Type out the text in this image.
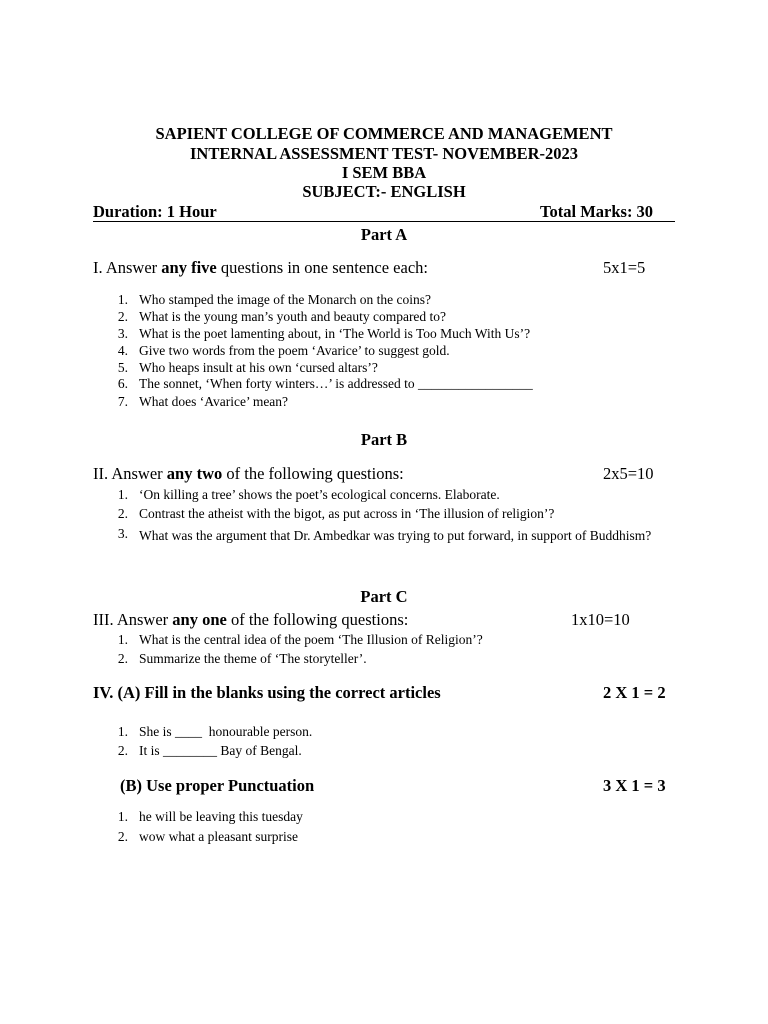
SAPIENT COLLEGE OF COMMERCE AND MANAGEMENT
INTERNAL ASSESSMENT TEST- NOVEMBER-2023
I SEM BBA
SUBJECT:- ENGLISH
Duration: 1 Hour	Total Marks: 30
Part A
I. Answer any five questions in one sentence each:	5x1=5
1. Who stamped the image of the Monarch on the coins?
2. What is the young man’s youth and beauty compared to?
3. What is the poet lamenting about, in ‘The World is Too Much With Us’?
4. Give two words from the poem ‘Avarice’ to suggest gold.
5. Who heaps insult at his own ‘cursed altars’?
6. The sonnet, ‘When forty winters…’ is addressed to _________________
7. What does ‘Avarice’ mean?
Part B
II. Answer any two of the following questions:	2x5=10
1. ‘On killing a tree’ shows the poet’s ecological concerns. Elaborate.
2. Contrast the atheist with the bigot, as put across in ‘The illusion of religion’?
3. What was the argument that Dr. Ambedkar was trying to put forward, in support of Buddhism?
Part C
III. Answer any one of the following questions:	1x10=10
1. What is the central idea of the poem ‘The Illusion of Religion’?
2. Summarize the theme of ‘The storyteller’.
IV. (A) Fill in the blanks using the correct articles	2 X 1 = 2
1. She is ____  honourable person.
2. It is ________ Bay of Bengal.
(B) Use proper Punctuation	3 X 1 = 3
1. he will be leaving this tuesday
2. wow what a pleasant surprise
